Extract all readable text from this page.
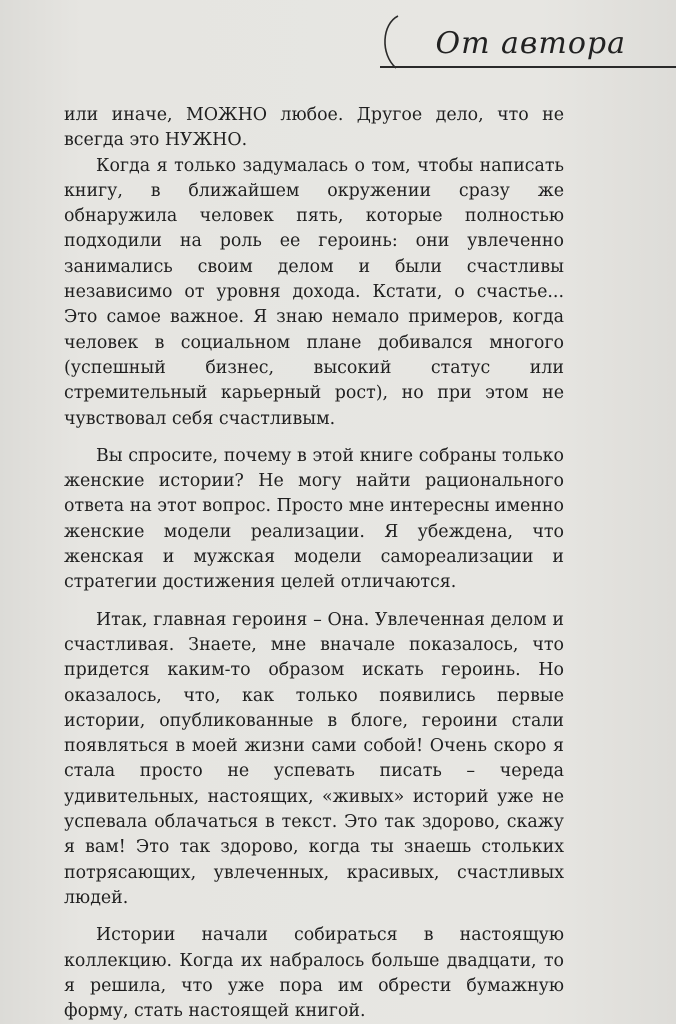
От автора

или иначе, МОЖНО любое. Другое дело, что не всегда это НУЖНО.

Когда я только задумалась о том, чтобы написать книгу, в ближайшем окружении сразу же обнаружила человек пять, которые полностью подходили на роль ее героинь: они увлеченно занимались своим делом и были счастливы независимо от уровня дохода. Кстати, о счастье... Это самое важное. Я знаю немало примеров, когда человек в социальном плане добивался многого (успешный бизнес, высокий статус или стремительный карьерный рост), но при этом не чувствовал себя счастливым.

Вы спросите, почему в этой книге собраны только женские истории? Не могу найти рационального ответа на этот вопрос. Просто мне интересны именно женские модели реализации. Я убеждена, что женская и мужская модели самореализации и стратегии достижения целей отличаются.

Итак, главная героиня – Она. Увлеченная делом и счастливая. Знаете, мне вначале показалось, что придется каким-то образом искать героинь. Но оказалось, что, как только появились первые истории, опубликованные в блоге, героини стали появляться в моей жизни сами собой! Очень скоро я стала просто не успевать писать – череда удивительных, настоящих, «живых» историй уже не успевала облачаться в текст. Это так здорово, скажу я вам! Это так здорово, когда ты знаешь стольких потрясающих, увлеченных, красивых, счастливых людей.

Истории начали собираться в настоящую коллекцию. Когда их набралось больше двадцати, то я решила, что уже пора им обрести бумажную форму, стать настоящей книгой.
